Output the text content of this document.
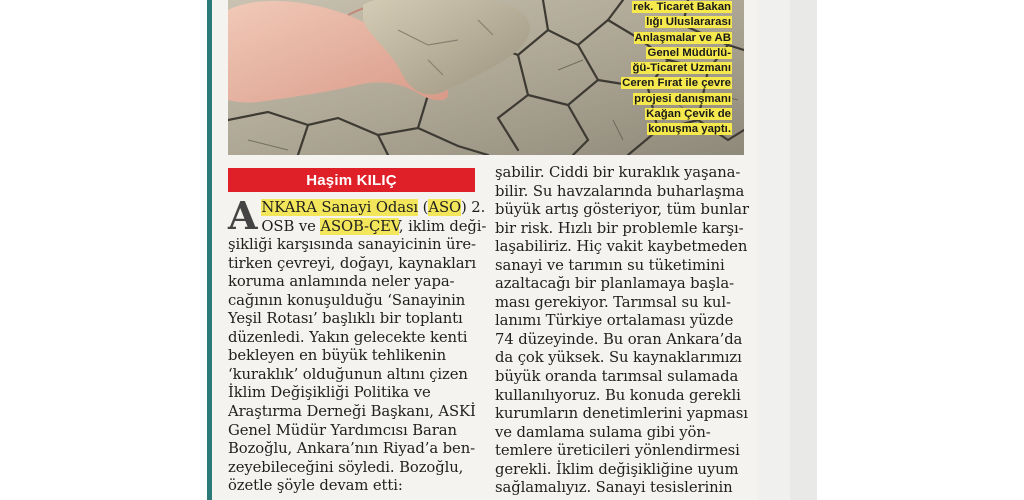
rek. Ticaret Bakan
lığı Uluslararası
Anlaşmalar ve AB
Genel Müdürlü-
ğü-Ticaret Uzmanı
Ceren Fırat ile çevre
projesi danışmanı
Kağan Çevik de
konuşma yaptı.
Haşim KILIÇ
A NKARA Sanayi Odası (ASO) 2.
OSB ve ASOB-ÇEV, iklim deği-

şikliği karşısında sanayicinin üre-

tirken çevreyi, doğayı, kaynakları

koruma anlamında neler yapa-

cağının konuşulduğu ‘Sanayinin

Yeşil Rotası’ başlıklı bir toplantı

düzenledi. Yakın gelecekte kenti

bekleyen en büyük tehlikenin

‘kuraklık’ olduğunun altını çizen

İklim Değişikliği Politika ve

Araştırma Derneği Başkanı, ASKİ

Genel Müdür Yardımcısı Baran

Bozoğlu, Ankara’nın Riyad’a ben-

zeyebileceğini söyledi. Bozoğlu,

özetle şöyle devam etti:

şabilir. Ciddi bir kuraklık yaşana-

bilir. Su havzalarında buharlaşma

büyük artış gösteriyor, tüm bunlar

bir risk. Hızlı bir problemle karşı-

laşabiliriz. Hiç vakit kaybetmeden

sanayi ve tarımın su tüketimini

azaltacağı bir planlamaya başla-

ması gerekiyor. Tarımsal su kul-

lanımı Türkiye ortalaması yüzde

74 düzeyinde. Bu oran Ankara’da

da çok yüksek. Su kaynaklarımızı

büyük oranda tarımsal sulamada

kullanılıyoruz. Bu konuda gerekli

kurumların denetimlerini yapması

ve damlama sulama gibi yön-

temlere üreticileri yönlendirmesi

gerekli. İklim değişikliğine uyum

sağlamalıyız. Sanayi tesislerinin
